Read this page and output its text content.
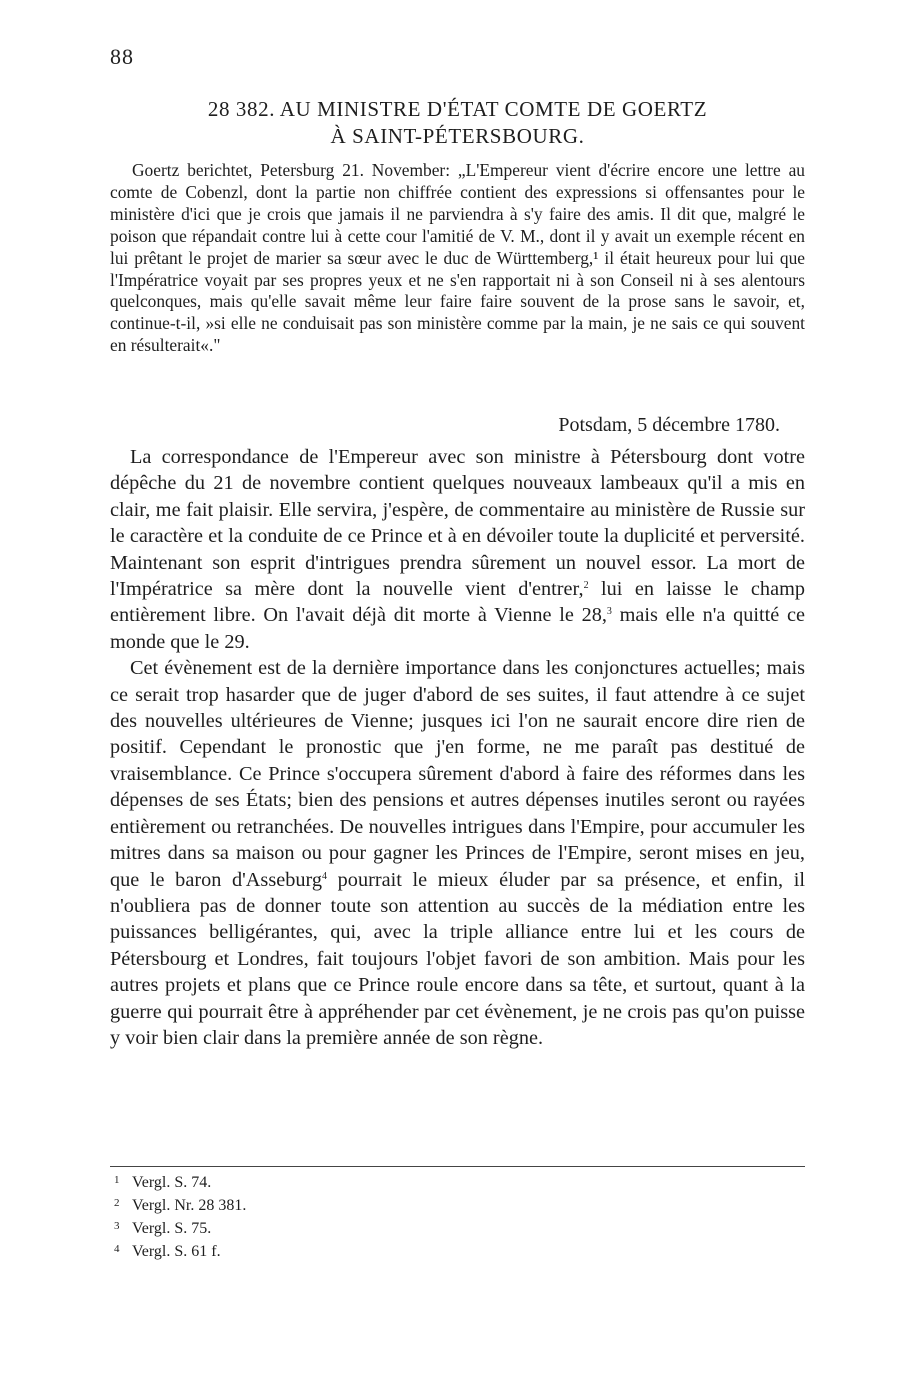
88
28 382. AU MINISTRE D'ÉTAT COMTE DE GOERTZ
À SAINT-PÉTERSBOURG.

Goertz berichtet, Petersburg 21. November: „L'Empereur vient d'écrire encore une lettre au comte de Cobenzl, dont la partie non chiffrée contient des expressions si offensantes pour le ministère d'ici que je crois que jamais il ne parviendra à s'y faire des amis. Il dit que, malgré le poison que répandait contre lui à cette cour l'amitié de V. M., dont il y avait un exemple récent en lui prêtant le projet de marier sa sœur avec le duc de Württemberg,¹ il était heureux pour lui que l'Impératrice voyait par ses propres yeux et ne s'en rapportait ni à son Conseil ni à ses alentours quelconques, mais qu'elle savait même leur faire faire souvent de la prose sans le savoir, et, continue-t-il, »si elle ne conduisait pas son ministère comme par la main, je ne sais ce qui souvent en résulterait«."

Potsdam, 5 décembre 1780.

La correspondance de l'Empereur avec son ministre à Pétersbourg dont votre dépêche du 21 de novembre contient quelques nouveaux lambeaux qu'il a mis en clair, me fait plaisir. Elle servira, j'espère, de commentaire au ministère de Russie sur le caractère et la conduite de ce Prince et à en dévoiler toute la duplicité et perversité. Maintenant son esprit d'intrigues prendra sûrement un nouvel essor. La mort de l'Impératrice sa mère dont la nouvelle vient d'entrer,$^2$ lui en laisse le champ entièrement libre. On l'avait déjà dit morte à Vienne le 28,$^3$ mais elle n'a quitté ce monde que le 29.

Cet évènement est de la dernière importance dans les conjonctures actuelles; mais ce serait trop hasarder que de juger d'abord de ses suites, il faut attendre à ce sujet des nouvelles ultérieures de Vienne; jusques ici l'on ne saurait encore dire rien de positif. Cependant le pronostic que j'en forme, ne me paraît pas destitué de vraisemblance. Ce Prince s'occupera sûrement d'abord à faire des réformes dans les dépenses de ses États; bien des pensions et autres dépenses inutiles seront ou rayées entièrement ou retranchées. De nouvelles intrigues dans l'Empire, pour accumuler les mitres dans sa maison ou pour gagner les Princes de l'Empire, seront mises en jeu, que le baron d'Asseburg$^4$ pourrait le mieux éluder par sa présence, et enfin, il n'oubliera pas de donner toute son attention au succès de la médiation entre les puissances belligérantes, qui, avec la triple alliance entre lui et les cours de Pétersbourg et Londres, fait toujours l'objet favori de son ambition. Mais pour les autres projets et plans que ce Prince roule encore dans sa tête, et surtout, quant à la guerre qui pourrait être à appréhender par cet évènement, je ne crois pas qu'on puisse y voir bien clair dans la première année de son règne.

1 Vergl. S. 74.
2 Vergl. Nr. 28 381.
3 Vergl. S. 75.
4 Vergl. S. 61 f.
